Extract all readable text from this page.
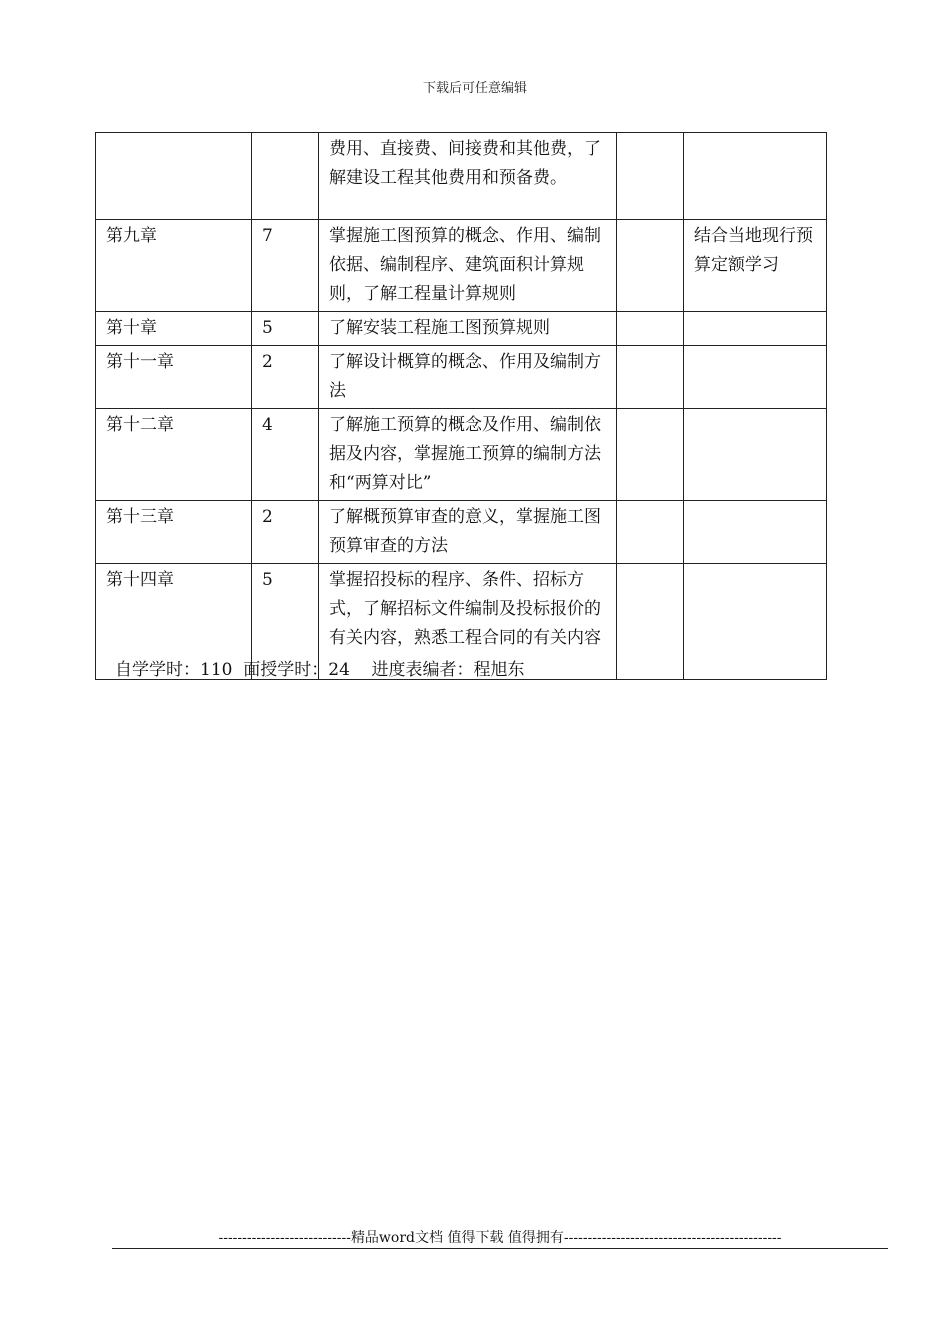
下载后可任意编辑
		费用、直接费、间接费和其他费，了解建设工程其他费用和预备费。		
第九章	7	掌握施工图预算的概念、作用、编制依据、编制程序、建筑面积计算规则，了解工程量计算规则		结合当地现行预算定额学习
第十章	5	了解安装工程施工图预算规则		
第十一章	2	了解设计概算的概念、作用及编制方法		
第十二章	4	了解施工预算的概念及作用、编制依据及内容，掌握施工预算的编制方法和“两算对比”		
第十三章	2	了解概预算审查的意义，掌握施工图预算审查的方法		
第十四章	5	掌握招投标的程序、条件、招标方式，了解招标文件编制及投标报价的有关内容，熟悉工程合同的有关内容		
自学学时：110  面授学时：24    进度表编者：程旭东
----------------------------精品word文档 值得下载 值得拥有----------------------------------------------
